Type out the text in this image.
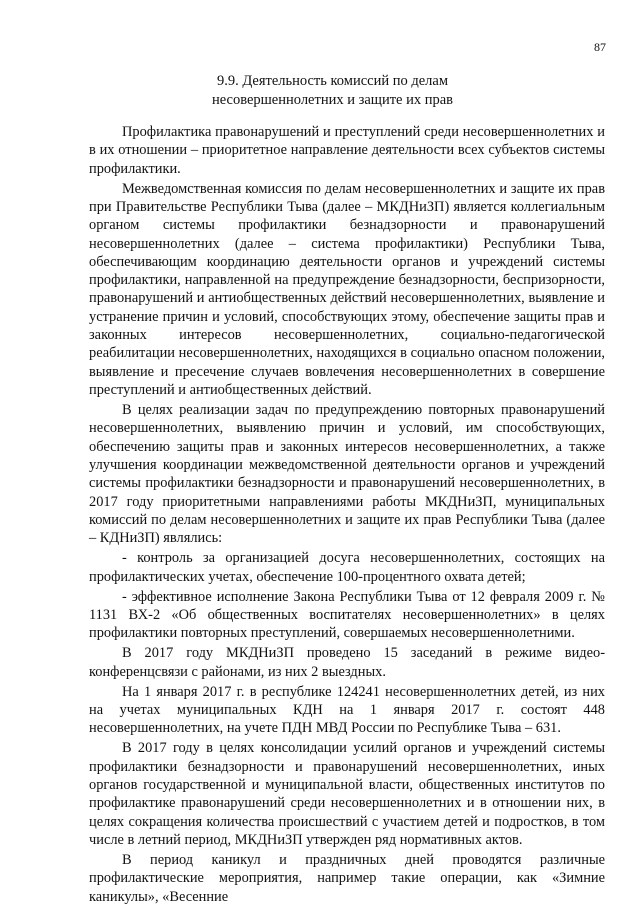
87
9.9. Деятельность комиссий по делам
несовершеннолетних и защите их прав

Профилактика правонарушений и преступлений среди несовершеннолетних и в их отношении – приоритетное направление деятельности всех субъектов системы профилактики.

Межведомственная комиссия по делам несовершеннолетних и защите их прав при Правительстве Республики Тыва (далее – МКДНиЗП) является коллегиальным органом системы профилактики безнадзорности и правонарушений несовершеннолетних (далее – система профилактики) Республики Тыва, обеспечивающим координацию деятельности органов и учреждений системы профилактики, направленной на предупреждение безнадзорности, беспризорности, правонарушений и антиобщественных действий несовершеннолетних, выявление и устранение причин и условий, способствующих этому, обеспечение защиты прав и законных интересов несовершеннолетних, социально-педагогической реабилитации несовершеннолетних, находящихся в социально опасном положении, выявление и пресечение случаев вовлечения несовершеннолетних в совершение преступлений и антиобщественных действий.

В целях реализации задач по предупреждению повторных правонарушений несовершеннолетних, выявлению причин и условий, им способствующих, обеспечению защиты прав и законных интересов несовершеннолетних, а также улучшения координации межведомственной деятельности органов и учреждений системы профилактики безнадзорности и правонарушений несовершеннолетних, в 2017 году приоритетными направлениями работы МКДНиЗП, муниципальных комиссий по делам несовершеннолетних и защите их прав Республики Тыва (далее – КДНиЗП) являлись:

- контроль за организацией досуга несовершеннолетних, состоящих на профилактических учетах, обеспечение 100-процентного охвата детей;

- эффективное исполнение Закона Республики Тыва от 12 февраля 2009 г. № 1131 ВХ-2 «Об общественных воспитателях несовершеннолетних» в целях профилактики повторных преступлений, совершаемых несовершеннолетними.

В 2017 году МКДНиЗП проведено 15 заседаний в режиме видео-конференцсвязи с районами, из них 2 выездных.

На 1 января 2017 г. в республике 124241 несовершеннолетних детей, из них на учетах муниципальных КДН на 1 января 2017 г. состоят 448 несовершеннолетних, на учете ПДН МВД России по Республике Тыва – 631.

В 2017 году в целях консолидации усилий органов и учреждений системы профилактики безнадзорности и правонарушений несовершеннолетних, иных органов государственной и муниципальной власти, общественных институтов по профилактике правонарушений среди несовершеннолетних и в отношении них, в целях сокращения количества происшествий с участием детей и подростков, в том числе в летний период, МКДНиЗП утвержден ряд нормативных актов.

В период каникул и праздничных дней проводятся различные профилактические мероприятия, например такие операции, как «Зимние каникулы», «Весенние
